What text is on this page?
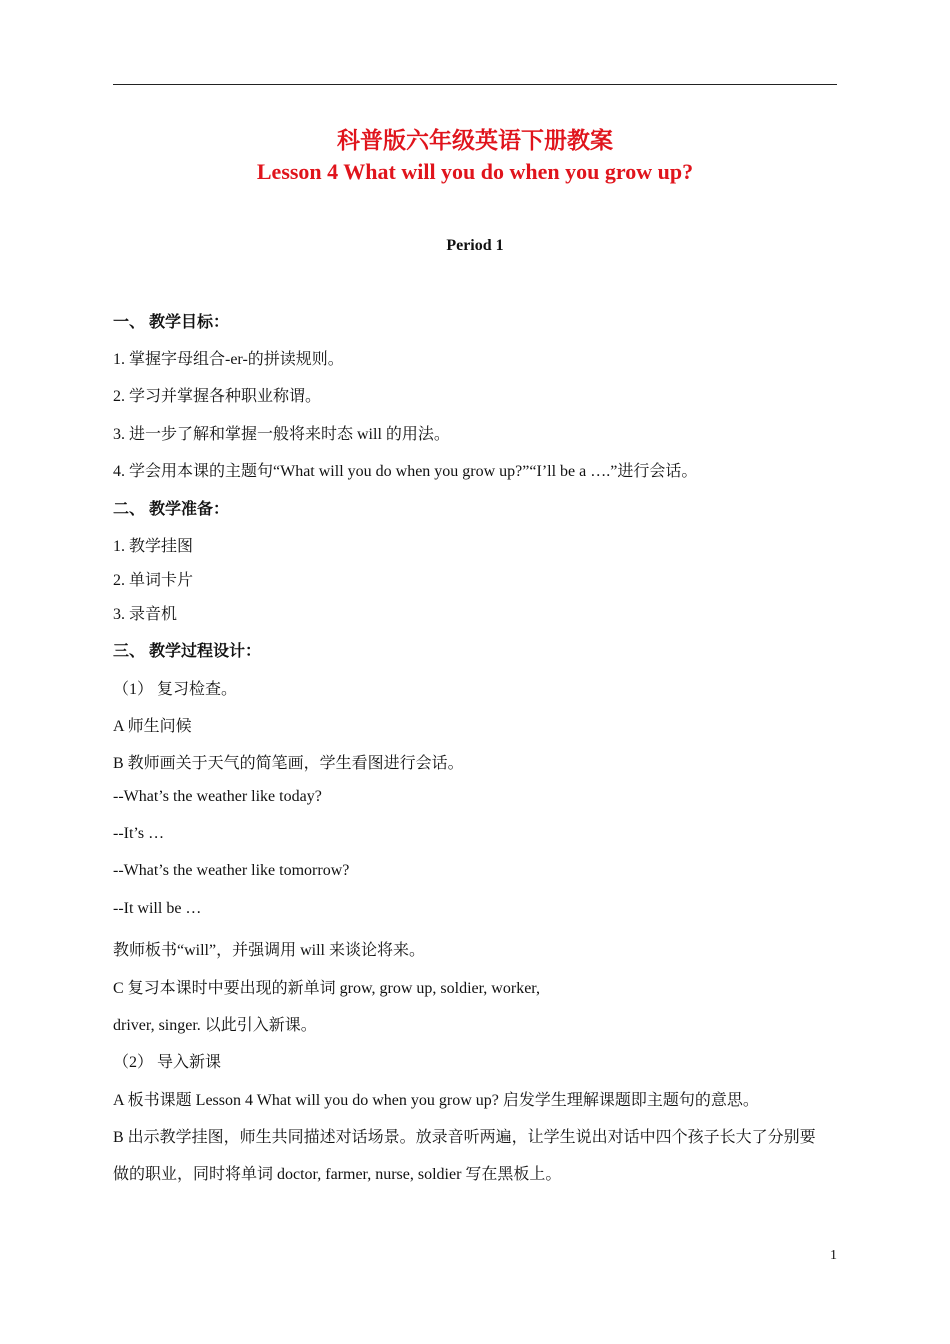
科普版六年级英语下册教案
Lesson 4 What will you do when you grow up?
Period 1
一、 教学目标：
1. 掌握字母组合-er-的拼读规则。
2. 学习并掌握各种职业称谓。
3. 进一步了解和掌握一般将来时态 will 的用法。
4. 学会用本课的主题句“What will you do when you grow up?”“I’ll be a ….”进行会话。
二、 教学准备：
1. 教学挂图
2. 单词卡片
3. 录音机
三、 教学过程设计：
（1） 复习检查。
A 师生问候
B 教师画关于天气的简笔画，学生看图进行会话。
--What’s the weather like today?
--It’s …
--What’s the weather like tomorrow?
--It will be …
教师板书“will”，并强调用 will 来谈论将来。
C 复习本课时中要出现的新单词 grow, grow up, soldier, worker,
driver, singer. 以此引入新课。
（2） 导入新课
A 板书课题 Lesson 4 What will you do when you grow up? 启发学生理解课题即主题句的意思。
B 出示教学挂图，师生共同描述对话场景。放录音听两遍，让学生说出对话中四个孩子长大了分别要
做的职业，同时将单词 doctor, farmer, nurse, soldier 写在黑板上。
1
